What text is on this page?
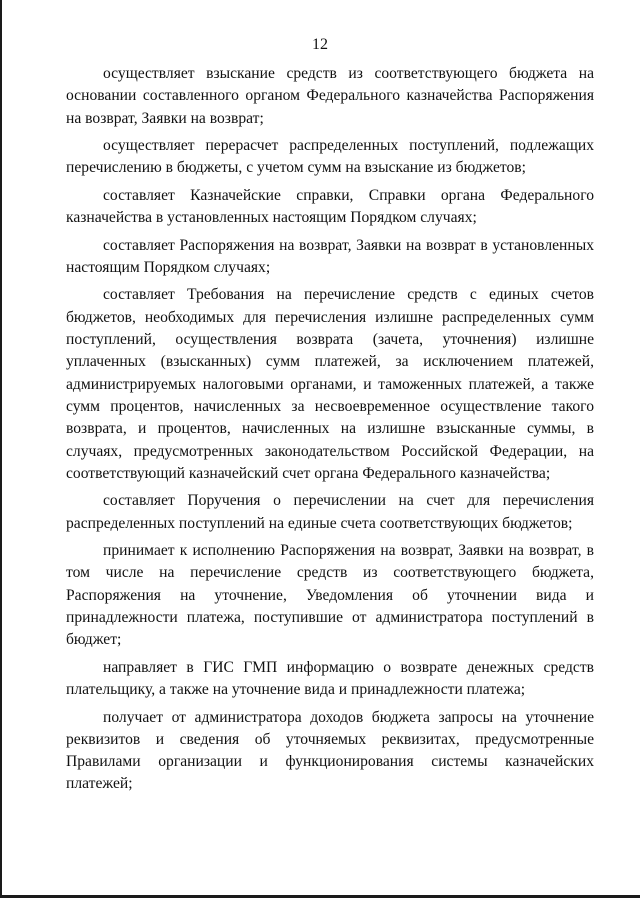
12

осуществляет взыскание средств из соответствующего бюджета на основании составленного органом Федерального казначейства Распоряжения на возврат, Заявки на возврат;

осуществляет перерасчет распределенных поступлений, подлежащих перечислению в бюджеты, с учетом сумм на взыскание из бюджетов;

составляет Казначейские справки, Справки органа Федерального казначейства в установленных настоящим Порядком случаях;

составляет Распоряжения на возврат, Заявки на возврат в установленных настоящим Порядком случаях;

составляет Требования на перечисление средств с единых счетов бюджетов, необходимых для перечисления излишне распределенных сумм поступлений, осуществления возврата (зачета, уточнения) излишне уплаченных (взысканных) сумм платежей, за исключением платежей, администрируемых налоговыми органами, и таможенных платежей, а также сумм процентов, начисленных за несвоевременное осуществление такого возврата, и процентов, начисленных на излишне взысканные суммы, в случаях, предусмотренных законодательством Российской Федерации, на соответствующий казначейский счет органа Федерального казначейства;

составляет Поручения о перечислении на счет для перечисления распределенных поступлений на единые счета соответствующих бюджетов;

принимает к исполнению Распоряжения на возврат, Заявки на возврат, в том числе на перечисление средств из соответствующего бюджета, Распоряжения на уточнение, Уведомления об уточнении вида и принадлежности платежа, поступившие от администратора поступлений в бюджет;

направляет в ГИС ГМП информацию о возврате денежных средств плательщику, а также на уточнение вида и принадлежности платежа;

получает от администратора доходов бюджета запросы на уточнение реквизитов и сведения об уточняемых реквизитах, предусмотренные Правилами организации и функционирования системы казначейских платежей;
